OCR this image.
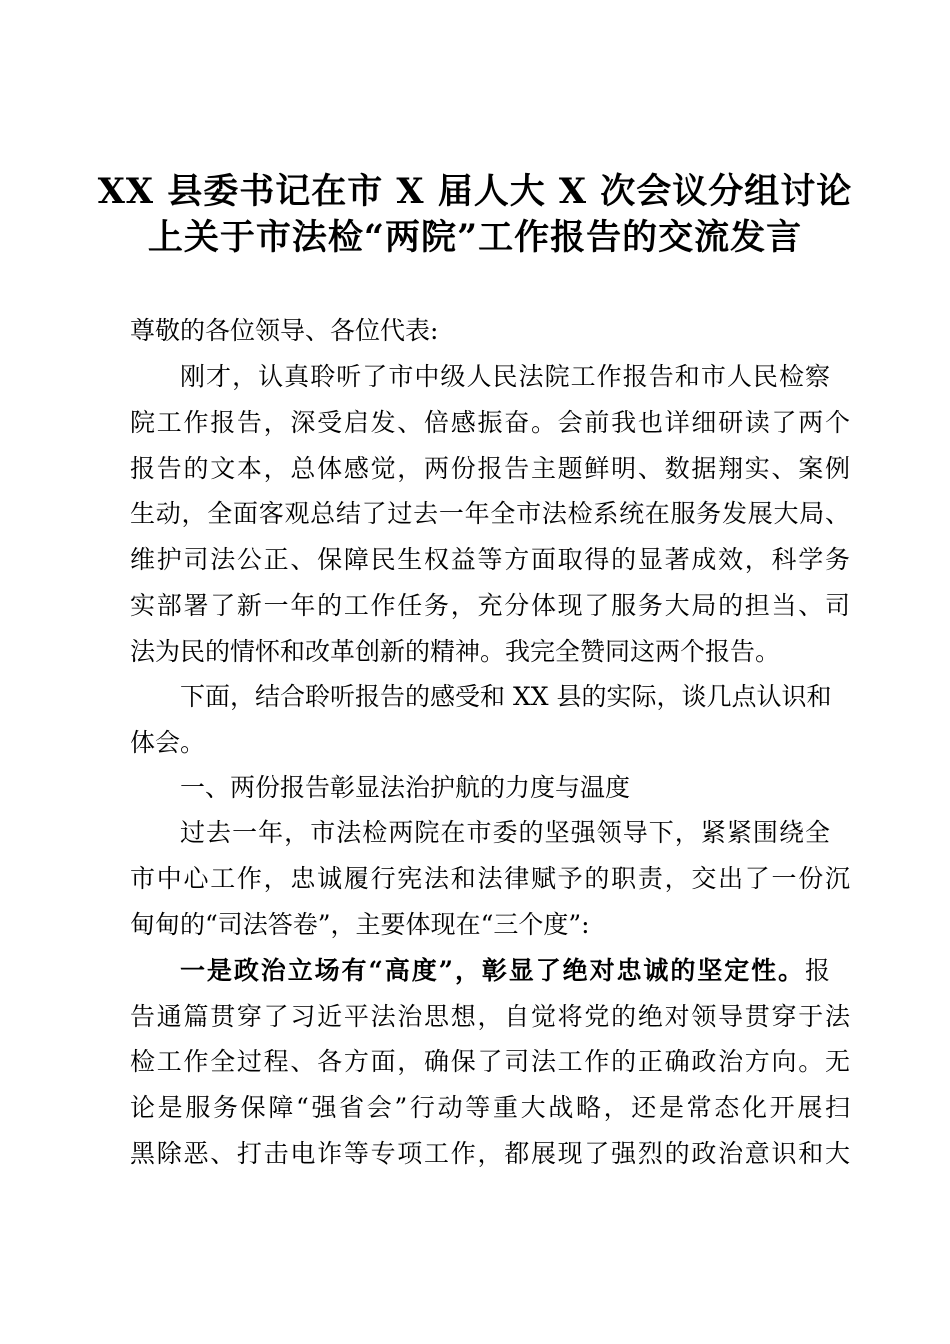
XX 县委书记在市 X 届人大 X 次会议分组讨论
上关于市法检“两院”工作报告的交流发言
尊敬的各位领导、各位代表:
刚才，认真聆听了市中级人民法院工作报告和市人民检察
院工作报告，深受启发、倍感振奋。会前我也详细研读了两个
报告的文本，总体感觉，两份报告主题鲜明、数据翔实、案例
生动，全面客观总结了过去一年全市法检系统在服务发展大局、
维护司法公正、保障民生权益等方面取得的显著成效，科学务
实部署了新一年的工作任务，充分体现了服务大局的担当、司
法为民的情怀和改革创新的精神。我完全赞同这两个报告。
下面，结合聆听报告的感受和 XX 县的实际，谈几点认识和
体会。
一、两份报告彰显法治护航的力度与温度
过去一年，市法检两院在市委的坚强领导下，紧紧围绕全
市中心工作，忠诚履行宪法和法律赋予的职责，交出了一份沉
甸甸的“司法答卷”，主要体现在“三个度”:
一是政治立场有“高度”，彰显了绝对忠诚的坚定性。报
告通篇贯穿了习近平法治思想，自觉将党的绝对领导贯穿于法
检工作全过程、各方面，确保了司法工作的正确政治方向。无
论是服务保障“强省会”行动等重大战略，还是常态化开展扫
黑除恶、打击电诈等专项工作，都展现了强烈的政治意识和大
